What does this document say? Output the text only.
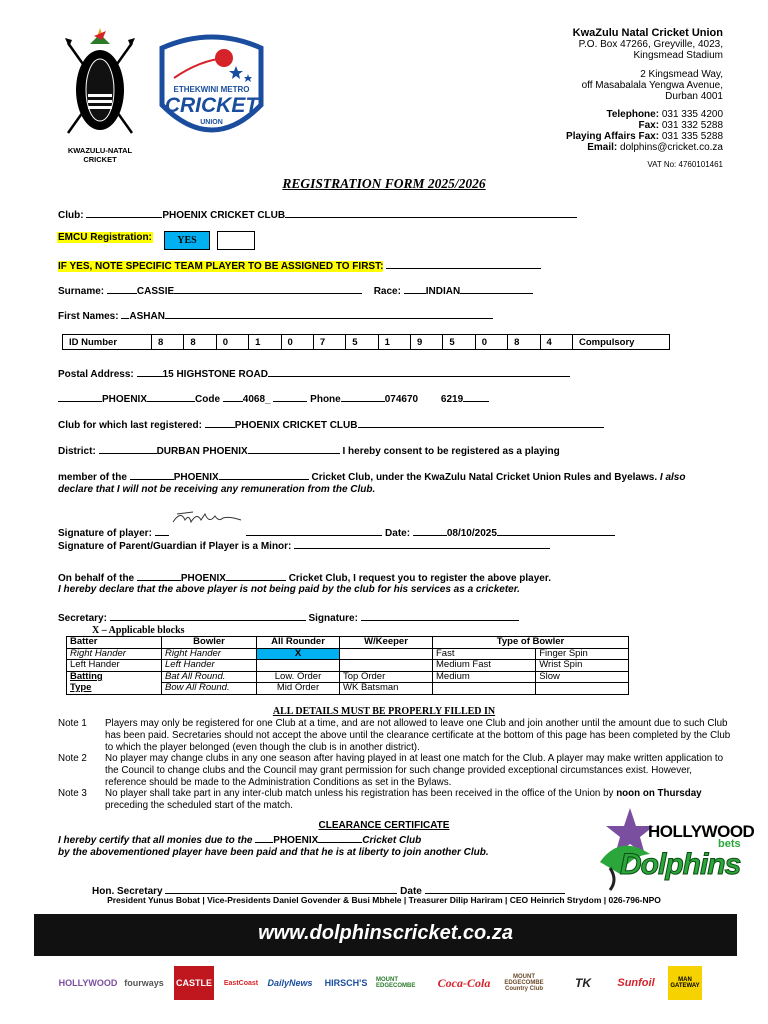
KWAZULU-NATAL CRICKET
ETHEKWINI METRO
CRICKET
UNION
KwaZulu Natal Cricket Union
P.O. Box 47266, Greyville, 4023,
Kingsmead Stadium
2 Kingsmead Way,
off Masabalala Yengwa Avenue,
Durban 4001
Telephone: 031 335 4200
Fax: 031 332 5288
Playing Affairs Fax: 031 335 5288
Email: dolphins@cricket.co.za
VAT No: 4760101461
REGISTRATION FORM 2025/2026
Club:	PHOENIX CRICKET CLUB
EMCU Registration:	YES
IF YES, NOTE SPECIFIC TEAM PLAYER TO BE ASSIGNED TO FIRST:
Surname:	CASSIE	Race: INDIAN
First Names: ASHAN
ID Number	8	8	0	1	0	7	5	1	9	5	0	8	4	Compulsory
Postal Address:	15 HIGHSTONE ROAD
PHOENIX	Code 4068_	Phone	074670 6219
Club for which last registered:	PHOENIX CRICKET CLUB
District:	DURBAN PHOENIX	I hereby consent to be registered as a playing
member of the	PHOENIX	Cricket Club, under the KwaZulu Natal Cricket Union Rules and Byelaws. I also declare that I will not be receiving any remuneration from the Club.
Signature of player:	Date:	08/10/2025
Signature of Parent/Guardian if Player is a Minor:
On behalf of the	PHOENIX	Cricket Club, I request you to register the above player.
I hereby declare that the above player is not being paid by the club for his services as a cricketer.
Secretary:	Signature:
X – Applicable blocks
Batter	Bowler	All Rounder	W/Keeper	Type of Bowler	
Right Hander	Right Hander	X		Fast	Finger Spin
Left Hander	Left Hander			Medium Fast	Wrist Spin
Batting	Bat All Round.	Low. Order	Top Order	Medium	Slow
Type	Bow All Round.	Mid Order	WK Batsman		
ALL DETAILS MUST BE PROPERLY FILLED IN
Note 1	Players may only be registered for one Club at a time, and are not allowed to leave one Club and join another until the amount due to such Club has been paid. Secretaries should not accept the above until the clearance certificate at the bottom of this page has been completed by the Club to which the player belonged (even though the club is in another district).
Note 2	No player may change clubs in any one season after having played in at least one match for the Club. A player may make written application to the Council to change clubs and the Council may grant permission for such change provided exceptional circumstances exist. However, reference should be made to the Administration Conditions as set in the Bylaws.
Note 3	No player shall take part in any inter-club match unless his registration has been received in the office of the Union by noon on Thursday preceding the scheduled start of the match.
CLEARANCE CERTIFICATE
I hereby certify that all monies due to the PHOENIX	Cricket Club
by the abovementioned player have been paid and that he is at liberty to join another Club.
HOLLYWOOD
bets
Dolphins
Hon. Secretary	Date
President Yunus Bobat | Vice-Presidents Daniel Govender & Busi Mbhele | Treasurer Dilip Hariram | CEO Heinrich Strydom | 026-796-NPO
www.dolphinscricket.co.za
HOLLYWOOD fourways	CASTLE	EastCoast	DailyNews	HIRSCH'S	MOUNT EDGECOMBE	Coca-Cola	MOUNT EDGECOMBE Country Club	TK	Sunfoil	MAN GATEWAY
